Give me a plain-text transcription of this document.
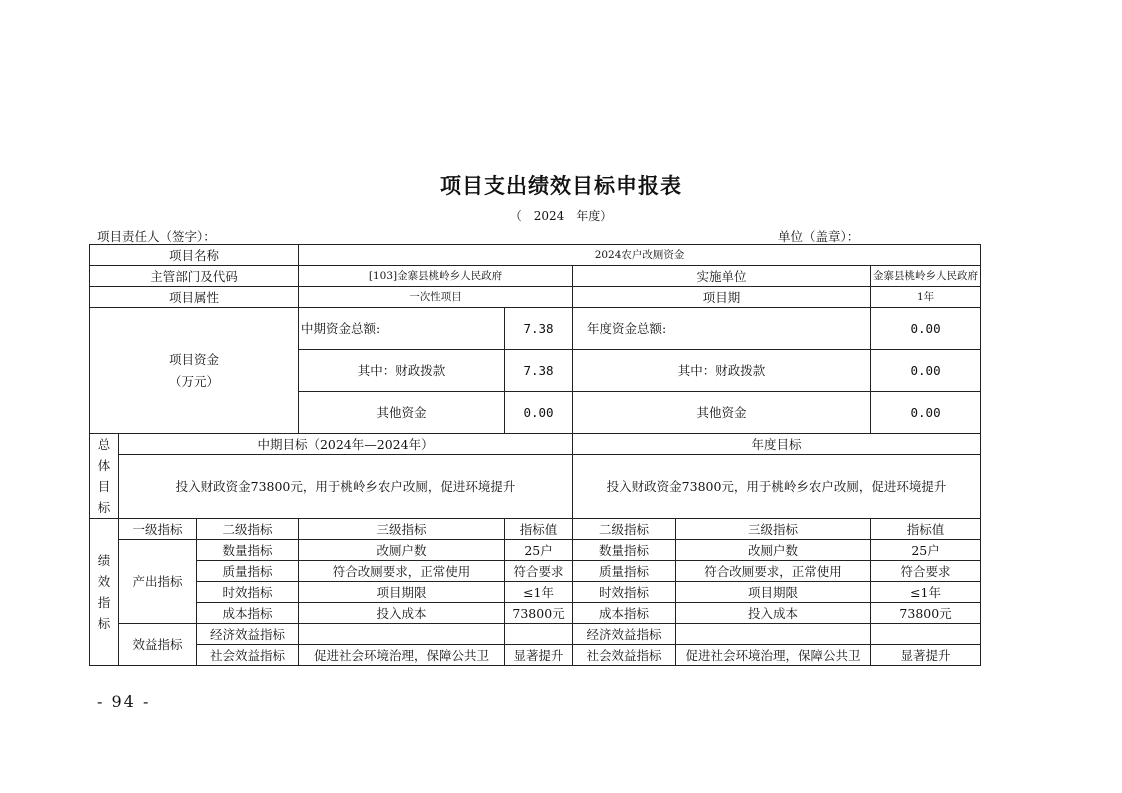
项目支出绩效目标申报表
（　2024　年度）
项目责任人（签字）：	单位（盖章）：
项目名称			2024农户改厕资金				
主管部门及代码			[103]金寨县桃岭乡人民政府		实施单位		金寨县桃岭乡人民政府
项目属性			一次性项目		项目期		1年
项目资金
（万元）			中期资金总额:	7.38	年度资金总额:		0.00
			其中：财政拨款	7.38	其中：财政拨款		0.00
			其他资金	0.00	其他资金		0.00

总
体
目
标	中期目标（2024年—2024年）				年度目标		
	投入财政资金73800元，用于桃岭乡农户改厕，促进环境提升				投入财政资金73800元，用于桃岭乡农户改厕，促进环境提升		

绩
效
指
标	一级指标	二级指标	三级指标	指标值	二级指标	三级指标	指标值
	产出指标	数量指标	改厕户数	25户	数量指标	改厕户数	25户
		质量指标	符合改厕要求，正常使用	符合要求	质量指标	符合改厕要求，正常使用	符合要求
		时效指标	项目期限	≤1年	时效指标	项目期限	≤1年
		成本指标	投入成本	73800元	成本指标	投入成本	73800元
	效益指标	经济效益指标			经济效益指标		
		社会效益指标	促进社会环境治理，保障公共卫	显著提升	社会效益指标	促进社会环境治理，保障公共卫	显著提升
- 94 -
